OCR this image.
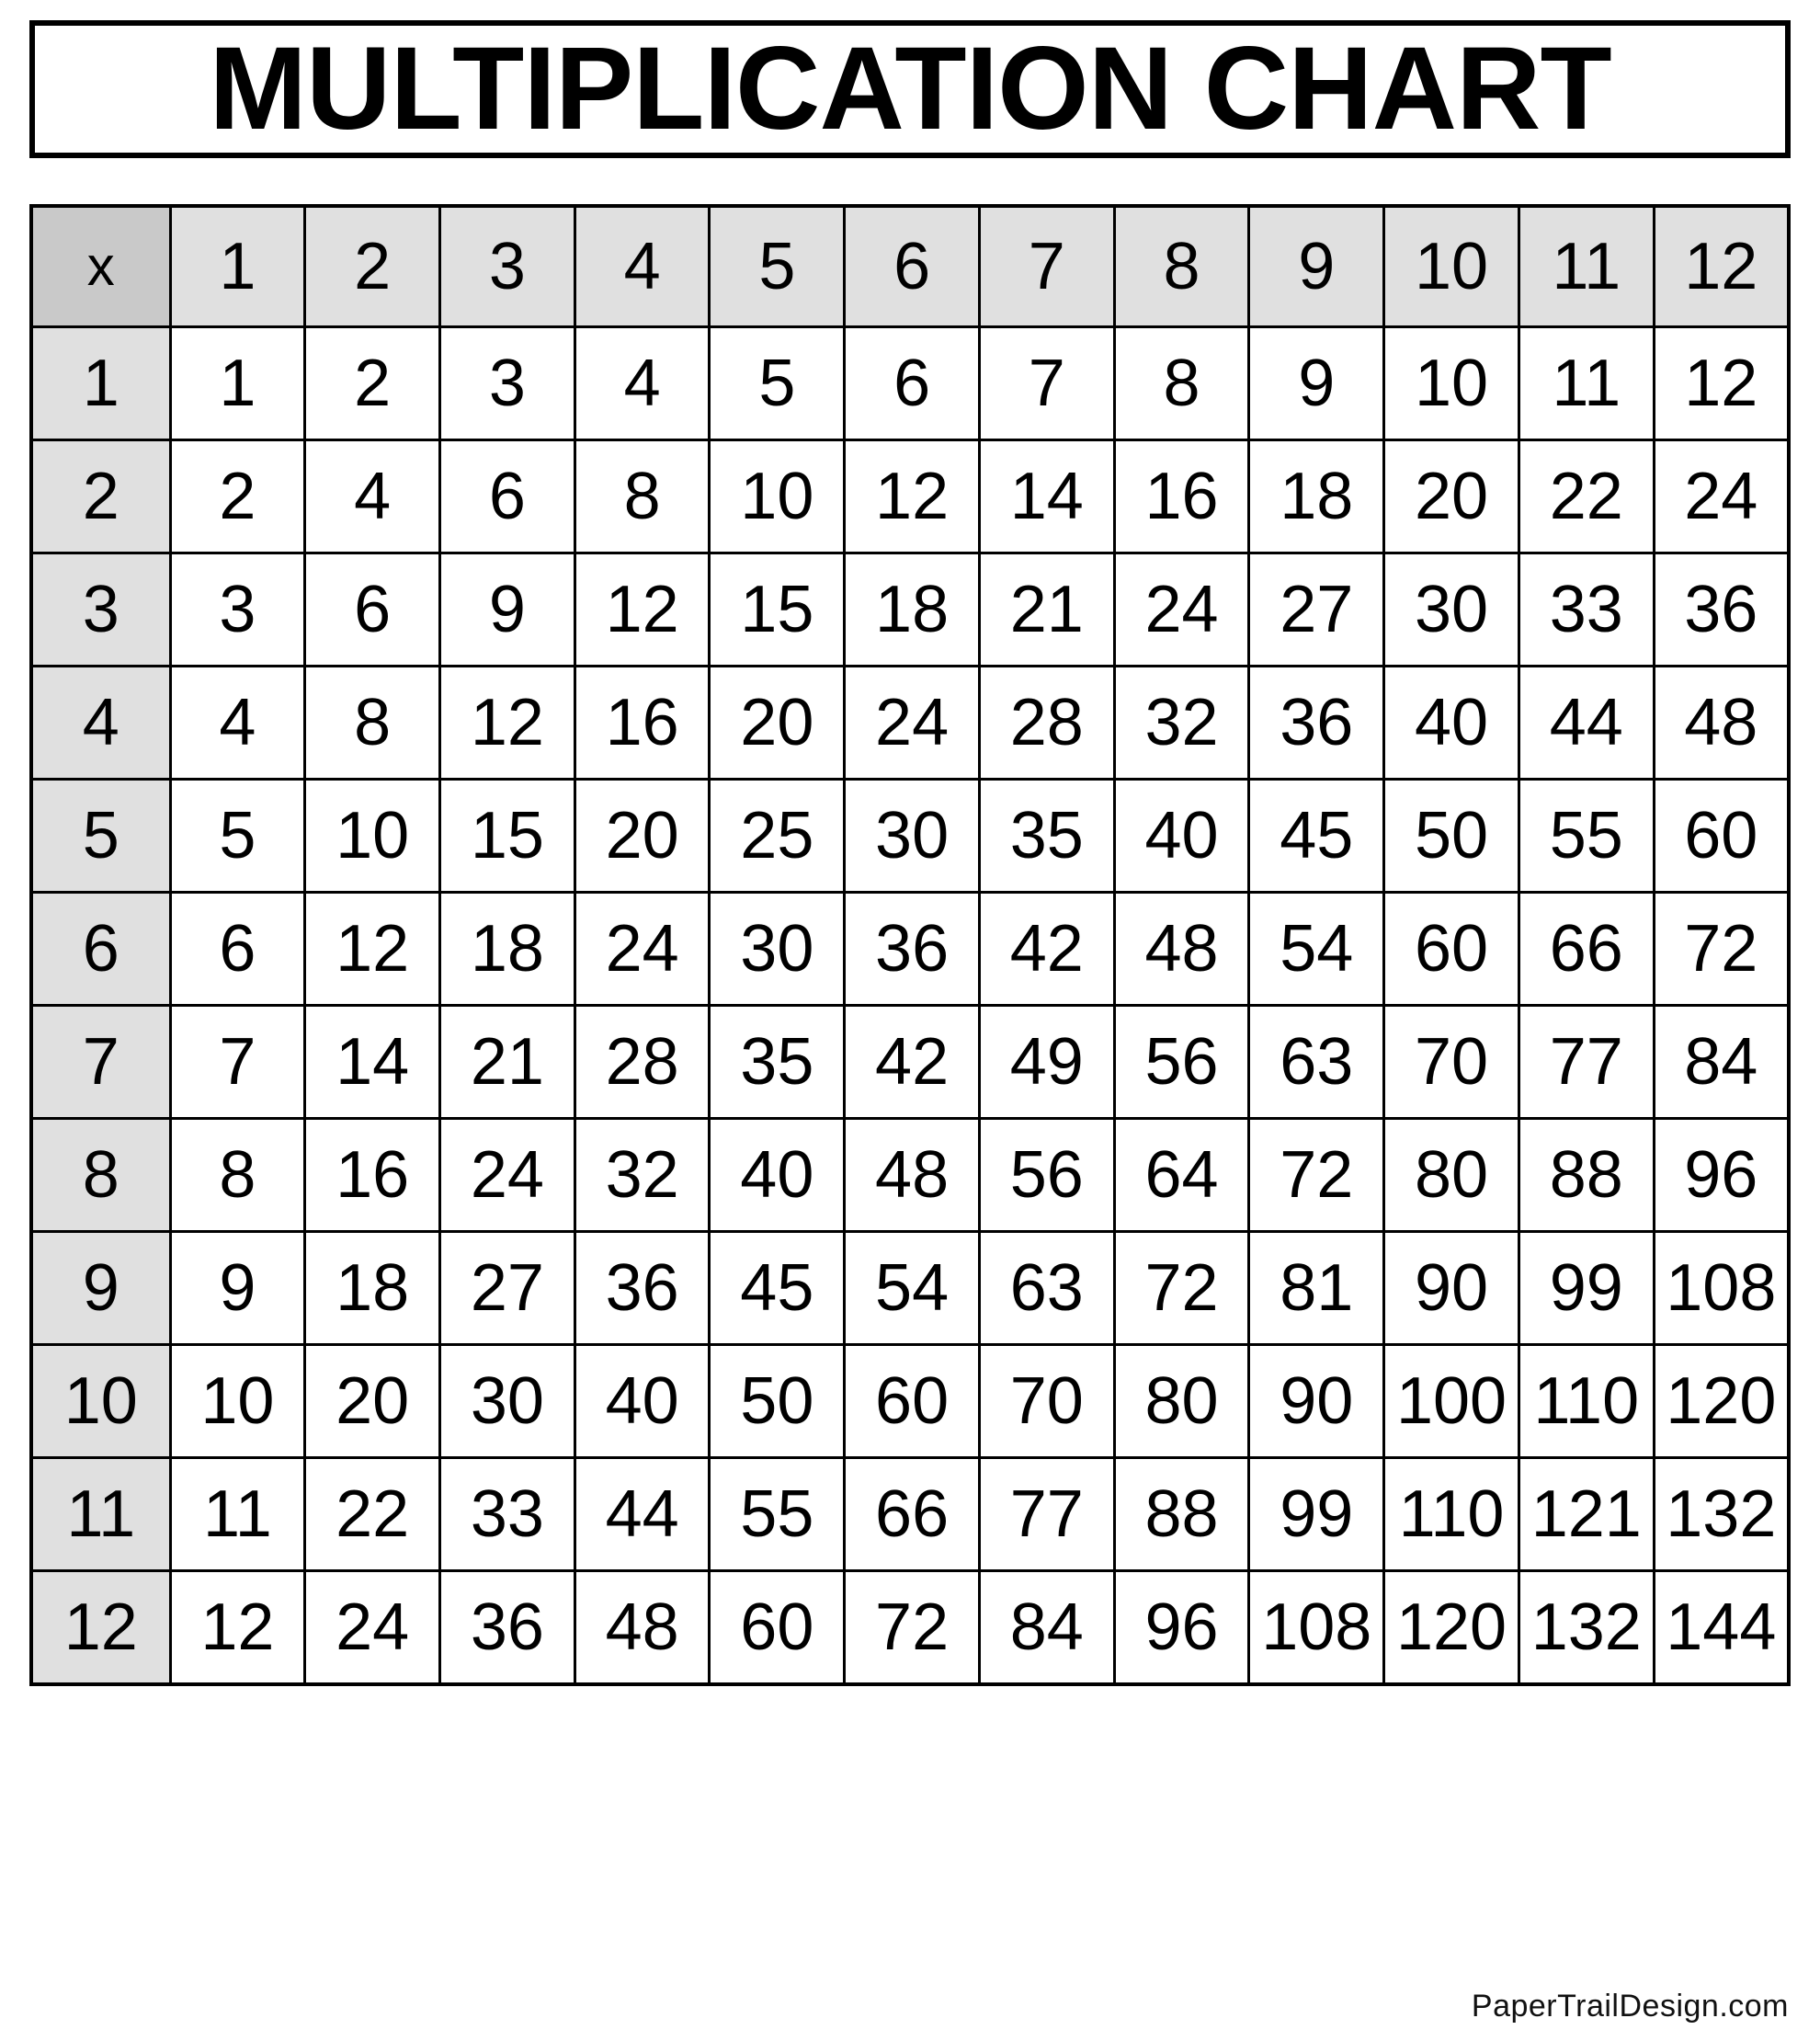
MULTIPLICATION CHART
x	1	2	3	4	5	6	7	8	9	10	11	12
1	1	2	3	4	5	6	7	8	9	10	11	12
2	2	4	6	8	10	12	14	16	18	20	22	24
3	3	6	9	12	15	18	21	24	27	30	33	36
4	4	8	12	16	20	24	28	32	36	40	44	48
5	5	10	15	20	25	30	35	40	45	50	55	60
6	6	12	18	24	30	36	42	48	54	60	66	72
7	7	14	21	28	35	42	49	56	63	70	77	84
8	8	16	24	32	40	48	56	64	72	80	88	96
9	9	18	27	36	45	54	63	72	81	90	99	108
10	10	20	30	40	50	60	70	80	90	100	110	120
11	11	22	33	44	55	66	77	88	99	110	121	132
12	12	24	36	48	60	72	84	96	108	120	132	144
PaperTrailDesign.com
